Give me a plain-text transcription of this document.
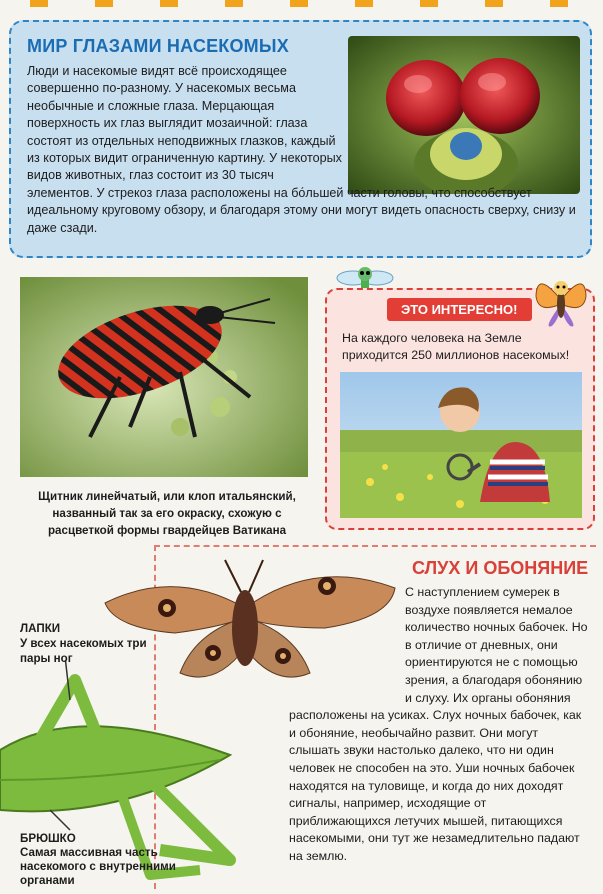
МИР ГЛАЗАМИ НАСЕКОМЫХ

Люди и насекомые видят всё происходящее совершенно по-разному. У насекомых весьма необычные и сложные глаза. Мерцающая поверхность их глаз выглядит мозаичной: глаза состоят из отдельных неподвижных глазков, каждый из которых видит ограниченную картину. У некоторых видов животных, глаз состоит из 30 тысяч элементов. У стрекоз глаза расположены на бо́льшей части головы, что способствует идеальному круговому обзору, и благодаря этому они могут видеть опасность сверху, снизу и даже сзади.

Щитник линейчатый, или клоп итальянский, названный так за его окраску, схожую с расцветкой формы гвардейцев Ватикана

ЭТО ИНТЕРЕСНО!

На каждого человека на Земле приходится 250 миллионов насекомых!

СЛУХ И ОБОНЯНИЕ

С наступлением сумерек в воздухе появляется немалое количество ночных бабочек. Но в отличие от дневных, они ориентируются не с помощью зрения, а благодаря обонянию и слуху. Их органы обоняния расположены на усиках. Слух ночных бабочек, как и обоняние, необычайно развит. Они могут слышать звуки настолько далеко, что ни один человек не способен на это. Уши ночных бабочек находятся на туловище, и когда до них доходят сигналы, например, исходящие от приближающихся летучих мышей, питающихся насекомыми, они тут же незамедлительно падают на землю.

ЛАПКИ
У всех насекомых три пары ног

БРЮШКО
Самая массивная часть насекомого с внутренними органами
